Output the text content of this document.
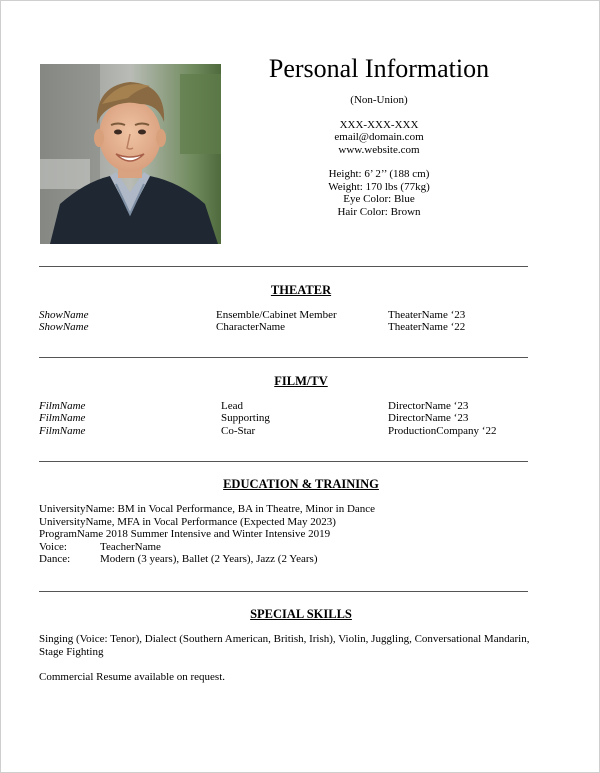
Personal Information
(Non-Union)
XXX-XXX-XXX
email@domain.com
www.website.com
Height: 6’ 2’’ (188 cm)
Weight: 170 lbs (77kg)
Eye Color: Blue
Hair Color: Brown
THEATER
ShowName	Ensemble/Cabinet Member	TheaterName ‘23
ShowName	CharacterName	TheaterName ‘22
FILM/TV
FilmName	Lead	DirectorName ‘23
FilmName	Supporting	DirectorName ‘23
FilmName	Co-Star	ProductionCompany ‘22
EDUCATION & TRAINING
UniversityName: BM in Vocal Performance, BA in Theatre, Minor in Dance
UniversityName, MFA in Vocal Performance (Expected May 2023)
ProgramName 2018 Summer Intensive and Winter Intensive 2019
Voice:	TeacherName
Dance:	Modern (3 years), Ballet (2 Years), Jazz (2 Years)
SPECIAL SKILLS
Singing (Voice: Tenor), Dialect (Southern American, British, Irish), Violin, Juggling, Conversational Mandarin,
Stage Fighting
Commercial Resume available on request.
